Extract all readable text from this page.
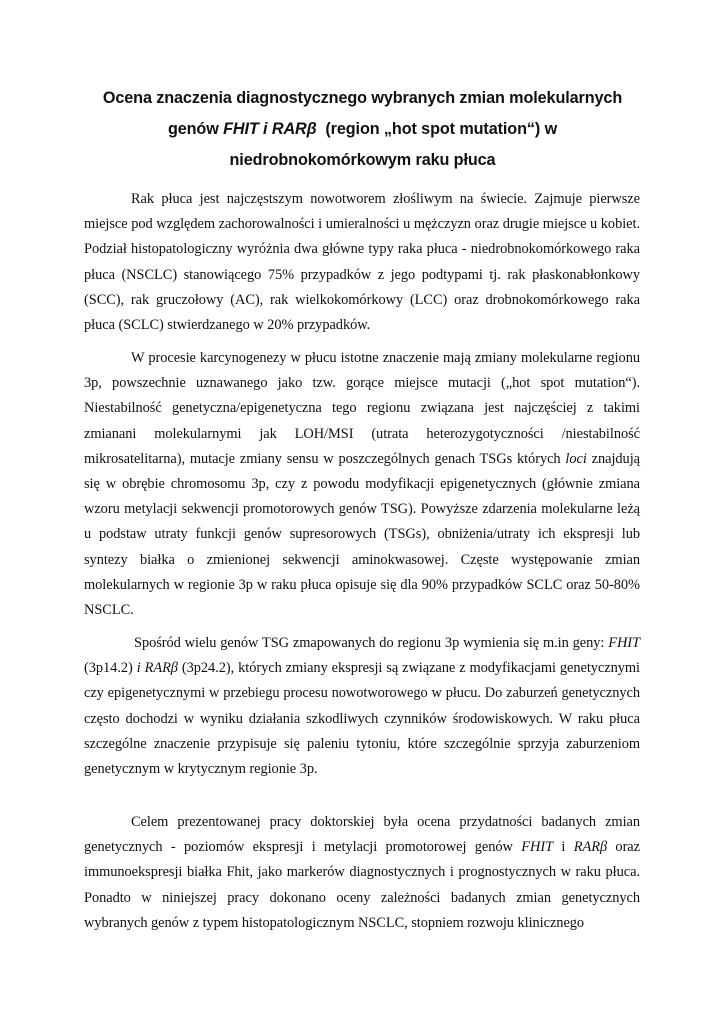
Ocena znaczenia diagnostycznego wybranych zmian molekularnych
genów FHIT i RARβ  (region „hot spot mutation“) w
niedrobnokomórkowym raku płuca

Rak płuca jest najczęstszym nowotworem złośliwym na świecie. Zajmuje pierwsze miejsce pod względem zachorowalności i umieralności u mężczyzn oraz drugie miejsce u kobiet. Podział histopatologiczny wyróżnia dwa główne typy raka płuca - niedrobnokomórkowego raka płuca (NSCLC) stanowiącego 75% przypadków z jego podtypami tj. rak płaskonabłonkowy (SCC), rak gruczołowy (AC), rak wielkokomórkowy (LCC) oraz drobnokomórkowego raka płuca (SCLC) stwierdzanego w 20% przypadków.

W procesie karcynogenezy w płucu istotne znaczenie mają zmiany molekularne regionu 3p, powszechnie uznawanego jako tzw. gorące miejsce mutacji („hot spot mutation“). Niestabilność genetyczna/epigenetyczna tego regionu związana jest najczęściej z takimi zmianani molekularnymi jak LOH/MSI (utrata heterozygotyczności /niestabilność mikrosatelitarna), mutacje zmiany sensu w poszczególnych genach TSGs których loci znajdują się w obrębie chromosomu 3p, czy z powodu modyfikacji epigenetycznych (głównie zmiana wzoru metylacji sekwencji promotorowych genów TSG). Powyższe zdarzenia molekularne leżą u podstaw utraty funkcji genów supresorowych (TSGs), obniżenia/utraty ich ekspresji lub syntezy białka o zmienionej sekwencji aminokwasowej. Częste występowanie zmian molekularnych w regionie 3p w raku płuca opisuje się dla 90% przypadków SCLC oraz 50-80% NSCLC.

Spośród wielu genów TSG zmapowanych do regionu 3p wymienia się m.in geny: FHIT (3p14.2) i RARβ (3p24.2), których zmiany ekspresji są związane z modyfikacjami genetycznymi czy epigenetycznymi w przebiegu procesu nowotworowego w płucu. Do zaburzeń genetycznych często dochodzi w wyniku działania szkodliwych czynników środowiskowych. W raku płuca szczególne znaczenie przypisuje się paleniu tytoniu, które szczególnie sprzyja zaburzeniom genetycznym w krytycznym regionie 3p.

Celem prezentowanej pracy doktorskiej była ocena przydatności badanych zmian genetycznych - poziomów ekspresji i metylacji promotorowej genów FHIT i RARβ oraz immunoekspresji białka Fhit, jako markerów diagnostycznych i prognostycznych w raku płuca. Ponadto w niniejszej pracy dokonano oceny zależności badanych zmian genetycznych wybranych genów z typem histopatologicznym NSCLC, stopniem rozwoju klinicznego
